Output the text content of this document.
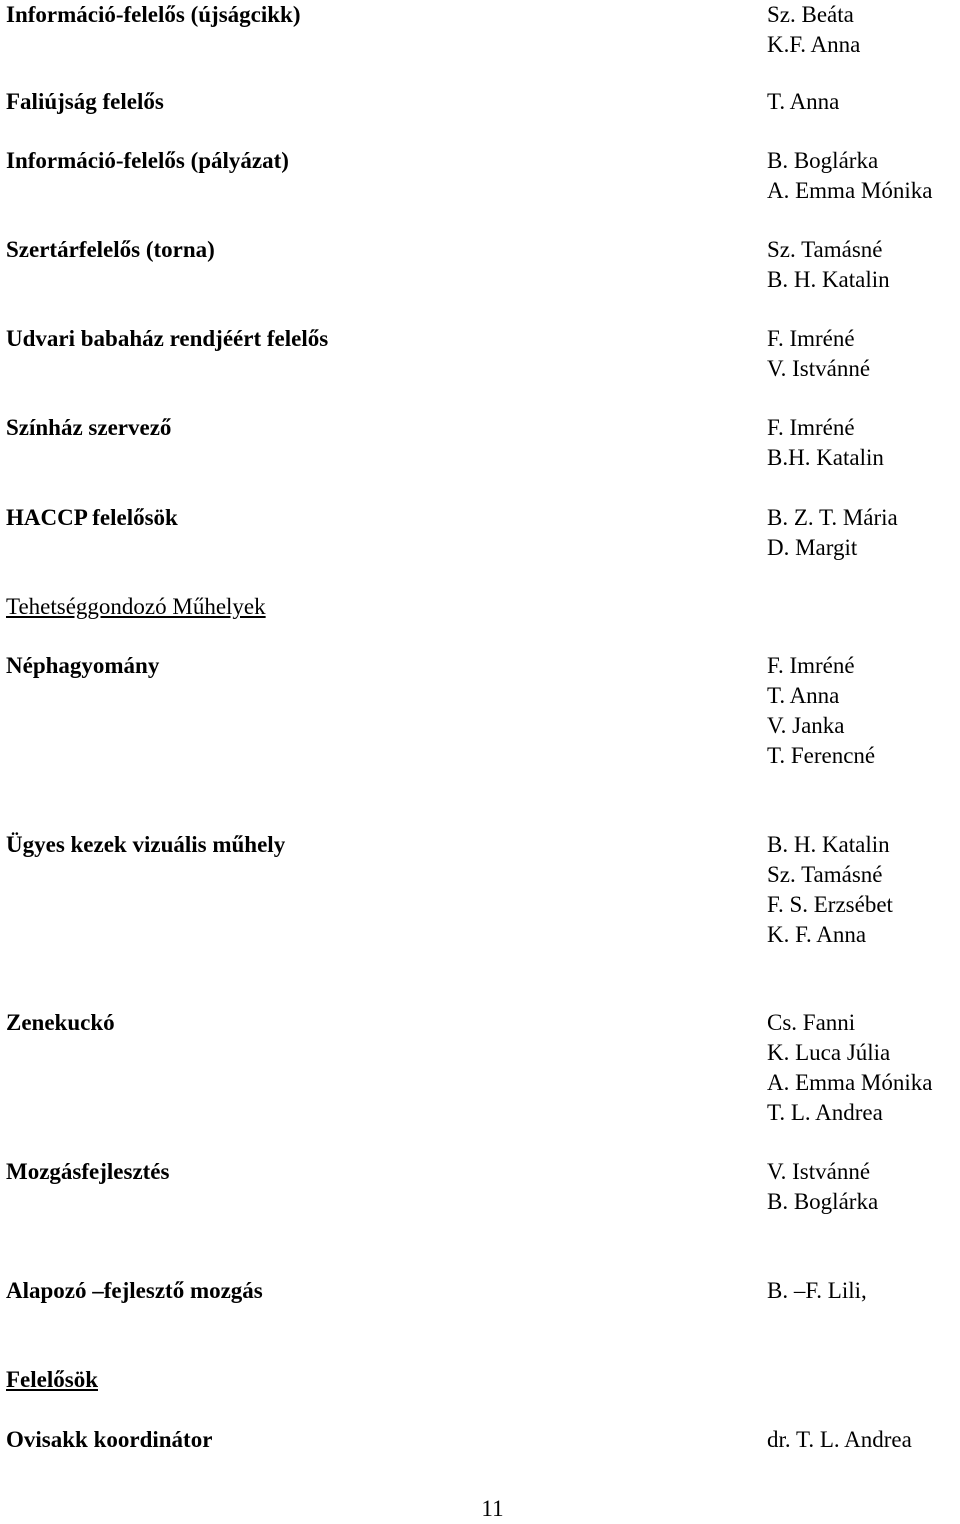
Információ-felelős (újságcikk)	Sz. Beáta
K.F. Anna
Faliújság felelős	T. Anna
Információ-felelős (pályázat)	B. Boglárka
A. Emma Mónika
Szertárfelelős (torna)	Sz. Tamásné
B. H. Katalin
Udvari babaház rendjéért felelős	F. Imréné
V. Istvánné
Színház szervező	F. Imréné
B.H. Katalin
HACCP felelősök	B. Z. T. Mária
D. Margit
Tehetséggondozó Műhelyek
Néphagyomány	F. Imréné
T. Anna
V. Janka
T. Ferencné
Ügyes kezek vizuális műhely	B. H. Katalin
Sz. Tamásné
F. S. Erzsébet
K. F. Anna
Zenekuckó	Cs. Fanni
K. Luca Júlia
A. Emma Mónika
T. L. Andrea
Mozgásfejlesztés	V. Istvánné
B. Boglárka
Alapozó –fejlesztő mozgás	B. –F. Lili,
Felelősök
Ovisakk koordinátor	dr. T. L. Andrea
11
